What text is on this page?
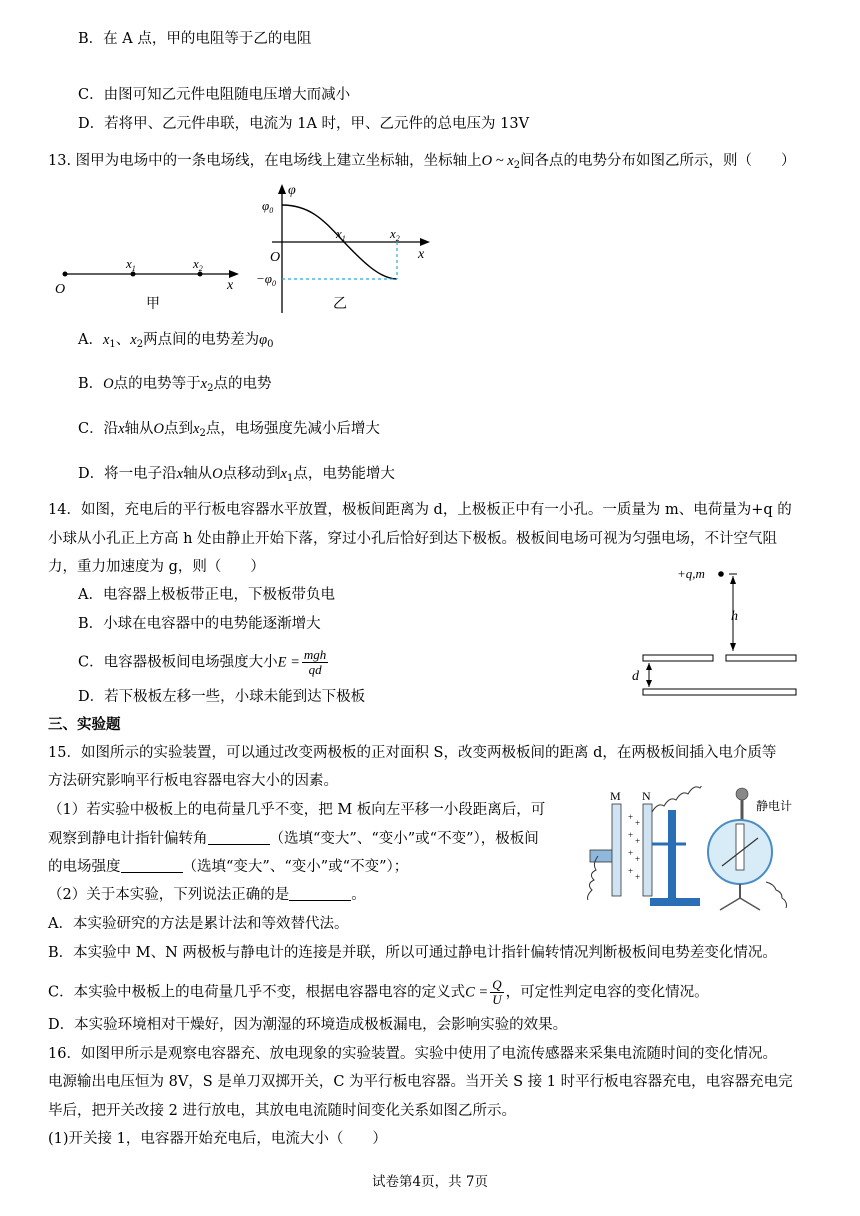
B．在 A 点，甲的电阻等于乙的电阻
C．由图可知乙元件电阻随电压增大而减小
D．若将甲、乙元件串联，电流为 1A 时，甲、乙元件的总电压为 13V
13. 图甲为电场中的一条电场线，在电场线上建立坐标轴，坐标轴上O ~ $x_2$间各点的电势分布如图乙所示，则（　　）
O
$x_1$	$x_2$
x
甲
φ
$\varphi_0$
$-\varphi_0$
O
$x_1$	$x_2$
x
乙
A．$x_1$、$x_2$两点间的电势差为$\varphi_0$
B．O点的电势等于$x_2$点的电势
C．沿x轴从O点到$x_2$点，电场强度先减小后增大
D．将一电子沿x轴从O点移动到$x_1$点，电势能增大
14．如图，充电后的平行板电容器水平放置，极板间距离为 d，上极板正中有一小孔。一质量为 m、电荷量为+q 的
小球从小孔正上方高 h 处由静止开始下落，穿过小孔后恰好到达下极板。极板间电场可视为匀强电场，不计空气阻
力，重力加速度为 g，则（　　）
A．电容器上极板带正电，下极板带负电
B．小球在电容器中的电势能逐渐增大
C．电容器极板间电场强度大小$E = \frac{\text{mgh}}{qd}$
D．若下极板左移一些，小球未能到达下极板
+q,m
h
d
三、实验题
15．如图所示的实验装置，可以通过改变两极板的正对面积 S，改变两极板间的距离 d，在两极板间插入电介质等
方法研究影响平行板电容器电容大小的因素。
（1）若实验中极板上的电荷量几乎不变，把 M 板向左平移一小段距离后，可
观察到静电计指针偏转角	（选填“变大”、“变小”或“不变”），极板间
的电场强度	（选填“变大”、“变小”或“不变”）；
（2）关于本实验，下列说法正确的是	。
A．本实验研究的方法是累计法和等效替代法。
B．本实验中 M、N 两极板与静电计的连接是并联，所以可通过静电计指针偏转情况判断极板间电势差变化情况。
C．本实验中极板上的电荷量几乎不变，根据电容器电容的定义式$C = \frac{Q}{U}$ ，可定性判定电容的变化情况。
D．本实验环境相对干燥好，因为潮湿的环境造成极板漏电，会影响实验的效果。
M N
静电计
+
+
+
+
+
+
+
+
16．如图甲所示是观察电容器充、放电现象的实验装置。实验中使用了电流传感器来采集电流随时间的变化情况。
电源输出电压恒为 8V，S 是单刀双掷开关，C 为平行板电容器。当开关 S 接 1 时平行板电容器充电，电容器充电完
毕后，把开关改接 2 进行放电，其放电电流随时间变化关系如图乙所示。
(1)开关接 1，电容器开始充电后，电流大小（　　）
试卷第4页，共 7页
